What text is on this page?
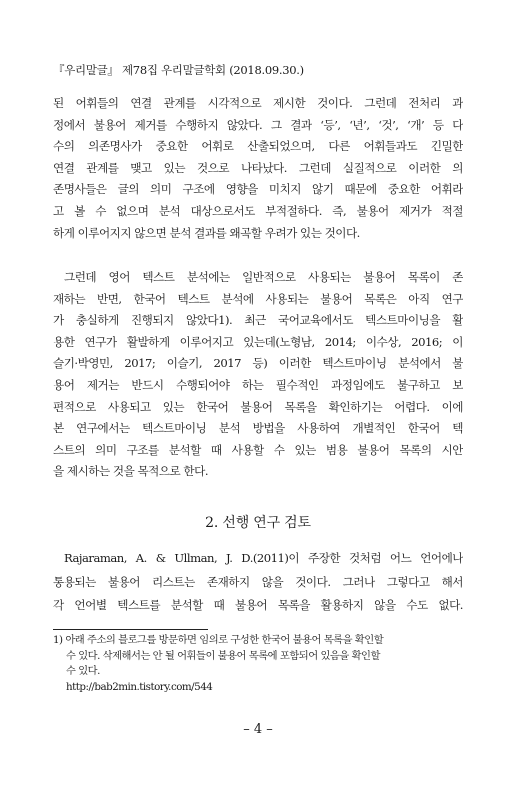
『우리말글』 제78집 우리말글학회 (2018.09.30.)
된 어휘들의 연결 관계를 시각적으로 제시한 것이다. 그런데 전처리 과
정에서 불용어 제거를 수행하지 않았다. 그 결과 ‘등’, ‘년’, ‘것’, ‘개’ 등 다
수의 의존명사가 중요한 어휘로 산출되었으며, 다른 어휘들과도 긴밀한
연결 관계를 맺고 있는 것으로 나타났다. 그런데 실질적으로 이러한 의
존명사들은 글의 의미 구조에 영향을 미치지 않기 때문에 중요한 어휘라
고 볼 수 없으며 분석 대상으로서도 부적절하다. 즉, 불용어 제거가 적절
하게 이루어지지 않으면 분석 결과를 왜곡할 우려가 있는 것이다.
그런데 영어 텍스트 분석에는 일반적으로 사용되는 불용어 목록이 존
재하는 반면, 한국어 텍스트 분석에 사용되는 불용어 목록은 아직 연구
가 충실하게 진행되지 않았다1). 최근 국어교육에서도 텍스트마이닝을 활
용한 연구가 활발하게 이루어지고 있는데(노형남, 2014; 이수상, 2016; 이
슬기·박영민, 2017; 이슬기, 2017 등) 이러한 텍스트마이닝 분석에서 불
용어 제거는 반드시 수행되어야 하는 필수적인 과정임에도 불구하고 보
편적으로 사용되고 있는 한국어 불용어 목록을 확인하기는 어렵다. 이에
본 연구에서는 텍스트마이닝 분석 방법을 사용하여 개별적인 한국어 텍
스트의 의미 구조를 분석할 때 사용할 수 있는 범용 불용어 목록의 시안
을 제시하는 것을 목적으로 한다.
2. 선행 연구 검토
Rajaraman, A. & Ullman, J. D.(2011)이 주장한 것처럼 어느 언어에나
통용되는 불용어 리스트는 존재하지 않을 것이다. 그러나 그렇다고 해서
각 언어별 텍스트를 분석할 때 불용어 목록을 활용하지 않을 수도 없다.
1) 아래 주소의 블로그를 방문하면 임의로 구성한 한국어 불용어 목록을 확인할
수 있다. 삭제해서는 안 될 어휘들이 불용어 목록에 포함되어 있음을 확인할
수 있다.
http://bab2min.tistory.com/544
– 4 –
